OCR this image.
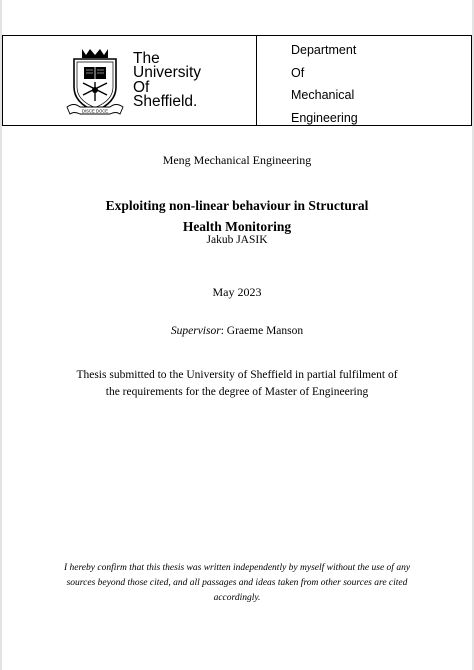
DISCE DOCE
The
University
Of
Sheffield.
Department
Of
Mechanical
Engineering
Meng Mechanical Engineering
Exploiting non-linear behaviour in Structural
Health Monitoring
Jakub JASIK
May 2023
Supervisor: Graeme Manson
Thesis submitted to the University of Sheffield in partial fulfilment of
the requirements for the degree of Master of Engineering
I hereby confirm that this thesis was written independently by myself without the use of any
sources beyond those cited, and all passages and ideas taken from other sources are cited
accordingly.
